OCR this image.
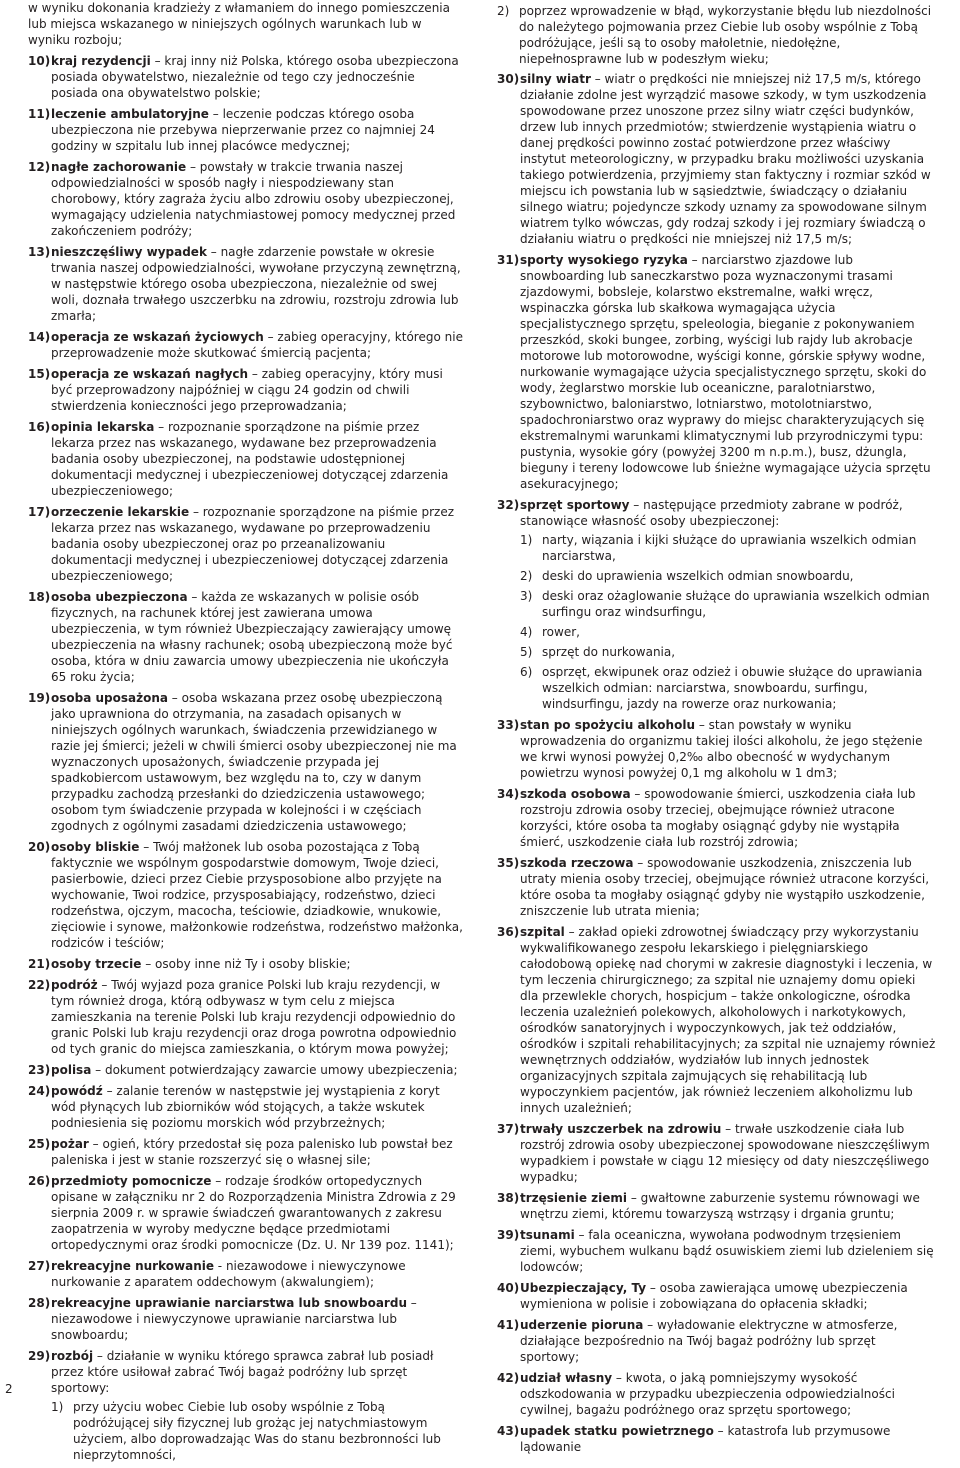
w wyniku dokonania kradzieży z włamaniem do innego pomieszczenia lub miejsca wskazanego w niniejszych ogólnych warunkach lub w wyniku rozboju;

10) kraj rezydencji – kraj inny niż Polska, którego osoba ubezpieczona posiada obywatelstwo, niezależnie od tego czy jednocześnie posiada ona obywatelstwo polskie;
11) leczenie ambulatoryjne – leczenie podczas którego osoba ubezpieczona nie przebywa nieprzerwanie przez co najmniej 24 godziny w szpitalu lub innej placówce medycznej;
12) nagłe zachorowanie – powstały w trakcie trwania naszej odpowiedzialności w sposób nagły i niespodziewany stan chorobowy, który zagraża życiu albo zdrowiu osoby ubezpieczonej, wymagający udzielenia natychmiastowej pomocy medycznej przed zakończeniem podróży;
13) nieszczęśliwy wypadek – nagłe zdarzenie powstałe w okresie trwania naszej odpowiedzialności, wywołane przyczyną zewnętrzną, w następstwie którego osoba ubezpieczona, niezależnie od swej woli, doznała trwałego uszczerbku na zdrowiu, rozstroju zdrowia lub zmarła;
14) operacja ze wskazań życiowych – zabieg operacyjny, którego nie przeprowadzenie może skutkować śmiercią pacjenta;
15) operacja ze wskazań nagłych – zabieg operacyjny, który musi być przeprowadzony najpóźniej w ciągu 24 godzin od chwili stwierdzenia konieczności jego przeprowadzania;
16) opinia lekarska – rozpoznanie sporządzone na piśmie przez lekarza przez nas wskazanego, wydawane bez przeprowadzenia badania osoby ubezpieczonej, na podstawie udostępnionej dokumentacji medycznej i ubezpieczeniowej dotyczącej zdarzenia ubezpieczeniowego;
17) orzeczenie lekarskie – rozpoznanie sporządzone na piśmie przez lekarza przez nas wskazanego, wydawane po przeprowadzeniu badania osoby ubezpieczonej oraz po przeanalizowaniu dokumentacji medycznej i ubezpieczeniowej dotyczącej zdarzenia ubezpieczeniowego;
18) osoba ubezpieczona – każda ze wskazanych w polisie osób fizycznych, na rachunek której jest zawierana umowa ubezpieczenia, w tym również Ubezpieczający zawierający umowę ubezpieczenia na własny rachunek; osobą ubezpieczoną może być osoba, która w dniu zawarcia umowy ubezpieczenia nie ukończyła 65 roku życia;
19) osoba uposażona – osoba wskazana przez osobę ubezpieczoną jako uprawniona do otrzymania, na zasadach opisanych w niniejszych ogólnych warunkach, świadczenia przewidzianego w razie jej śmierci; jeżeli w chwili śmierci osoby ubezpieczonej nie ma wyznaczonych uposażonych, świadczenie przypada jej spadkobiercom ustawowym, bez względu na to, czy w danym przypadku zachodzą przesłanki do dziedziczenia ustawowego; osobom tym świadczenie przypada w kolejności i w częściach zgodnych z ogólnymi zasadami dziedziczenia ustawowego;
20) osoby bliskie – Twój małżonek lub osoba pozostająca z Tobą faktycznie we wspólnym gospodarstwie domowym, Twoje dzieci, pasierbowie, dzieci przez Ciebie przysposobione albo przyjęte na wychowanie, Twoi rodzice, przysposabiający, rodzeństwo, dzieci rodzeństwa, ojczym, macocha, teściowie, dziadkowie, wnukowie, zięciowie i synowe, małżonkowie rodzeństwa, rodzeństwo małżonka, rodziców i teściów;
21) osoby trzecie – osoby inne niż Ty i osoby bliskie;
22) podróż – Twój wyjazd poza granice Polski lub kraju rezydencji, w tym również droga, którą odbywasz w tym celu z miejsca zamieszkania na terenie Polski lub kraju rezydencji odpowiednio do granic Polski lub kraju rezydencji oraz droga powrotna odpowiednio od tych granic do miejsca zamieszkania, o którym mowa powyżej;
23) polisa – dokument potwierdzający zawarcie umowy ubezpieczenia;
24) powódź – zalanie terenów w następstwie jej wystąpienia z koryt wód płynących lub zbiorników wód stojących, a także wskutek podniesienia się poziomu morskich wód przybrzeżnych;
25) pożar – ogień, który przedostał się poza palenisko lub powstał bez paleniska i jest w stanie rozszerzyć się o własnej sile;
26) przedmioty pomocnicze – rodzaje środków ortopedycznych opisane w załączniku nr 2 do Rozporządzenia Ministra Zdrowia z 29 sierpnia 2009 r. w sprawie świadczeń gwarantowanych z zakresu zaopatrzenia w wyroby medyczne będące przedmiotami ortopedycznymi oraz środki pomocnicze (Dz. U. Nr 139 poz. 1141);
27) rekreacyjne nurkowanie - niezawodowe i niewyczynowe nurkowanie z aparatem oddechowym (akwalungiem);
28) rekreacyjne uprawianie narciarstwa lub snowboardu – niezawodowe i niewyczynowe uprawianie narciarstwa lub snowboardu;
29) rozbój – działanie w wyniku którego sprawca zabrał lub posiadł przez które usiłował zabrać Twój bagaż podróżny lub sprzęt sportowy:
1) przy użyciu wobec Ciebie lub osoby wspólnie z Tobą podróżującej siły fizycznej lub grożąc jej natychmiastowym użyciem, albo doprowadzając Was do stanu bezbronności lub nieprzytomności,
2) poprzez wprowadzenie w błąd, wykorzystanie błędu lub niezdolności do należytego pojmowania przez Ciebie lub osoby wspólnie z Tobą podróżujące, jeśli są to osoby małoletnie, niedołężne, niepełnosprawne lub w podeszłym wieku;
30) silny wiatr – wiatr o prędkości nie mniejszej niż 17,5 m/s, którego działanie zdolne jest wyrządzić masowe szkody, w tym uszkodzenia spowodowane przez unoszone przez silny wiatr części budynków, drzew lub innych przedmiotów; stwierdzenie wystąpienia wiatru o danej prędkości powinno zostać potwierdzone przez właściwy instytut meteorologiczny, w przypadku braku możliwości uzyskania takiego potwierdzenia, przyjmiemy stan faktyczny i rozmiar szkód w miejscu ich powstania lub w sąsiedztwie, świadczący o działaniu silnego wiatru; pojedyncze szkody uznamy za spowodowane silnym wiatrem tylko wówczas, gdy rodzaj szkody i jej rozmiary świadczą o działaniu wiatru o prędkości nie mniejszej niż 17,5 m/s;
31) sporty wysokiego ryzyka – narciarstwo zjazdowe lub snowboarding lub saneczkarstwo poza wyznaczonymi trasami zjazdowymi, bobsleje, kolarstwo ekstremalne, wałki wręcz, wspinaczka górska lub skałkowa wymagająca użycia specjalistycznego sprzętu, speleologia, bieganie z pokonywaniem przeszkód, skoki bungee, zorbing, wyścigi lub rajdy lub akrobacje motorowe lub motorowodne, wyścigi konne, górskie spływy wodne, nurkowanie wymagające użycia specjalistycznego sprzętu, skoki do wody, żeglarstwo morskie lub oceaniczne, paralotniarstwo, szybownictwo, baloniarstwo, lotniarstwo, motolotniarstwo, spadochroniarstwo oraz wyprawy do miejsc charakteryzujących się ekstremalnymi warunkami klimatycznymi lub przyrodniczymi typu: pustynia, wysokie góry (powyżej 3200 m n.p.m.), busz, dżungla, bieguny i tereny lodowcowe lub śnieżne wymagające użycia sprzętu asekuracyjnego;
32) sprzęt sportowy – następujące przedmioty zabrane w podróż, stanowiące własność osoby ubezpieczonej:
1) narty, wiązania i kijki służące do uprawiania wszelkich odmian narciarstwa,
2) deski do uprawienia wszelkich odmian snowboardu,
3) deski oraz ożaglowanie służące do uprawiania wszelkich odmian surfingu oraz windsurfingu,
4) rower,
5) sprzęt do nurkowania,
6) osprzęt, ekwipunek oraz odzież i obuwie służące do uprawiania wszelkich odmian: narciarstwa, snowboardu, surfingu, windsurfingu, jazdy na rowerze oraz nurkowania;
33) stan po spożyciu alkoholu – stan powstały w wyniku wprowadzenia do organizmu takiej ilości alkoholu, że jego stężenie we krwi wynosi powyżej 0,2‰ albo obecność w wydychanym powietrzu wynosi powyżej 0,1 mg alkoholu w 1 dm3;
34) szkoda osobowa – spowodowanie śmierci, uszkodzenia ciała lub rozstroju zdrowia osoby trzeciej, obejmujące również utracone korzyści, które osoba ta mogłaby osiągnąć gdyby nie wystąpiła śmierć, uszkodzenie ciała lub rozstrój zdrowia;
35) szkoda rzeczowa – spowodowanie uszkodzenia, zniszczenia lub utraty mienia osoby trzeciej, obejmujące również utracone korzyści, które osoba ta mogłaby osiągnąć gdyby nie wystąpiło uszkodzenie, zniszczenie lub utrata mienia;
36) szpital – zakład opieki zdrowotnej świadczący przy wykorzystaniu wykwalifikowanego zespołu lekarskiego i pielęgniarskiego całodobową opiekę nad chorymi w zakresie diagnostyki i leczenia, w tym leczenia chirurgicznego; za szpital nie uznajemy domu opieki dla przewlekle chorych, hospicjum – także onkologiczne, ośrodka leczenia uzależnień polekowych, alkoholowych i narkotykowych, ośrodków sanatoryjnych i wypoczynkowych, jak też oddziałów, ośrodków i szpitali rehabilitacyjnych; za szpital nie uznajemy również wewnętrznych oddziałów, wydziałów lub innych jednostek organizacyjnych szpitala zajmujących się rehabilitacją lub wypoczynkiem pacjentów, jak również leczeniem alkoholizmu lub innych uzależnień;
37) trwały uszczerbek na zdrowiu – trwałe uszkodzenie ciała lub rozstrój zdrowia osoby ubezpieczonej spowodowane nieszczęśliwym wypadkiem i powstałe w ciągu 12 miesięcy od daty nieszczęśliwego wypadku;
38) trzęsienie ziemi – gwałtowne zaburzenie systemu równowagi we wnętrzu ziemi, któremu towarzyszą wstrząsy i drgania gruntu;
39) tsunami – fala oceaniczna, wywołana podwodnym trzęsieniem ziemi, wybuchem wulkanu bądź osuwiskiem ziemi lub dzieleniem się lodowców;
40) Ubezpieczający, Ty – osoba zawierająca umowę ubezpieczenia wymieniona w polisie i zobowiązana do opłacenia składki;
41) uderzenie pioruna – wyładowanie elektryczne w atmosferze, działające bezpośrednio na Twój bagaż podróżny lub sprzęt sportowy;
42) udział własny – kwota, o jaką pomniejszymy wysokość odszkodowania w przypadku ubezpieczenia odpowiedzialności cywilnej, bagażu podróżnego oraz sprzętu sportowego;
43) upadek statku powietrznego – katastrofa lub przymusowe lądowanie
2
